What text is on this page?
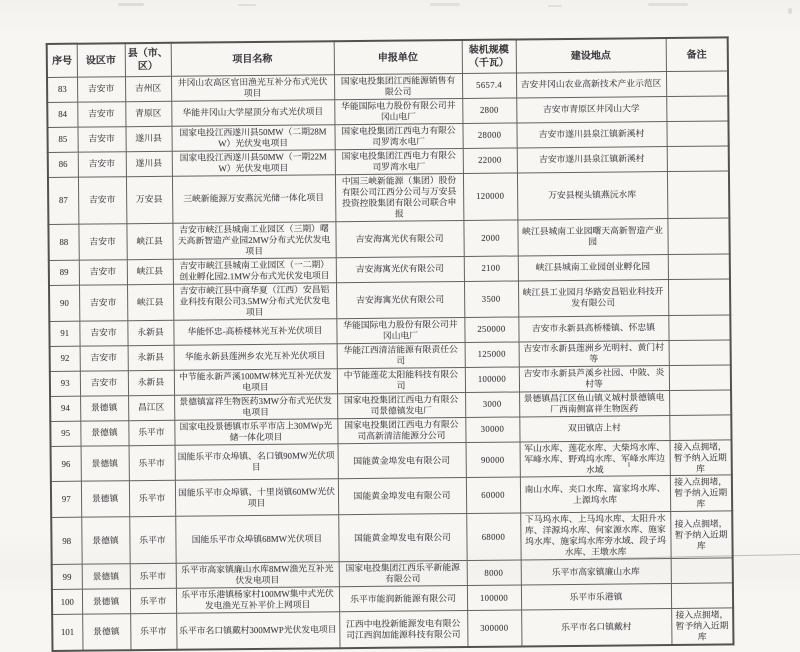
序号	设区市	县（市、区）	项目名称	申报单位	装机规模（千瓦）	建设地点	备注
83	吉安市	吉州区	井冈山农高区官田渔光互补分布式光伏项目	国家电投集团江西能源销售有限公司	5657.4	吉安井冈山农业高新技术产业示范区	
84	吉安市	青原区	华能井冈山大学屋顶分布式光伏项目	华能国际电力股份有限公司井冈山电厂	2800	吉安市青原区井冈山大学	
85	吉安市	遂川县	国家电投江西遂川县50MW（二期28MW）光伏发电项目	国家电投集团江西电力有限公司罗湾水电厂	28000	吉安市遂川县泉江镇新溪村	
86	吉安市	遂川县	国家电投江西遂川县50MW（一期22MW）光伏发电项目	国家电投集团江西电力有限公司罗湾水电厂	22000	吉安市遂川县泉江镇新溪村	
87	吉安市	万安县	三峡新能源万安燕沅光储一体化项目	中国三峡新能源（集团）股份有限公司江西分公司与万安县投资控股集团有限公司联合申报	120000	万安县枧头镇燕沅水库	
88	吉安市	峡江县	吉安市峡江县城南工业园区（三期）曙天高新智造产业园2MW分布式光伏发电项目	吉安海寓光伏有限公司	2000	峡江县城南工业园曙天高新智造产业园	
89	吉安市	峡江县	吉安市峡江县城南工业园区（一二期）创业孵化园2.1MW分布式光伏发电项目	吉安海寓光伏有限公司	2100	峡江县城南工业园创业孵化园	
90	吉安市	峡江县	吉安市峡江县中商华夏（江西）安昌铝业科技有限公司3.5MW分布式光伏发电项目	吉安海寓光伏有限公司	3500	峡江县工业园月华路安昌铝业科技开发有限公司	
91	吉安市	永新县	华能怀忠-高桥楼林光互补光伏项目	华能国际电力股份有限公司井冈山电厂	250000	吉安市永新县高桥楼镇、怀忠镇	
92	吉安市	永新县	华能永新县莲洲乡农光互补光伏项目	华能江西清洁能源有限责任公司	125000	吉安市永新县莲洲乡光明村、黄门村等	
93	吉安市	永新县	中节能永新芦溪100MW林光互补光伏发电项目	中节能莲花太阳能科技有限公司	100000	吉安市永新县芦溪乡社园、中陂、炎村等	
94	景德镇	昌江区	景德镇富祥生物医药3MW分布式光伏发电项目	国家电投集团江西电力有限公司景德镇发电厂	3000	景德镇昌江区鱼山镇义城村景德镇电厂西南侧富祥生物医药	
95	景德镇	乐平市	国家电投景德镇市乐平市店上30MWp光储一体化项目	国家电投集团江西电力有限公司高新清洁能源分公司	30000	双田镇店上村	
96	景德镇	乐平市	国能乐平市众埠镇、名口镇90MW光伏项目	国能黄金埠发电有限公司	90000	军山水库、莲花水库、大柴坞水库、军峰水库、野鸡坞水库、军峰水库边水域	接入点拥堵，暂予纳入近期库
97	景德镇	乐平市	国能乐平市众埠镇、十里岗镇60MW光伏项目	国能黄金埠发电有限公司	60000	南山水库、夹口水库、富家坞水库、上源坞水库	接入点拥堵，暂予纳入近期库
98	景德镇	乐平市	国能乐平市众埠镇68MW光伏项目	国能黄金埠发电有限公司	68000	下马坞水库、上马坞水库、太阳升水库、洋源坞水库、何家源水库、施家坞水库、施家坞水库旁水域、段子坞水库、王墩水库	接入点拥堵，暂予纳入近期库
99	景德镇	乐平市	乐平市高家镇廉山水库8MW渔光互补光伏发电项目	国家电投集团江西乐平新能源有限公司	8000	乐平市高家镇廉山水库	
100	景德镇	乐平市	乐平市乐港镇杨家村100MW集中式光伏发电渔光互补平价上网项目	乐平市能润新能源有限公司	100000	乐平市乐港镇	
101	景德镇	乐平市	乐平市名口镇戴村300MWP光伏发电项目	江西中电投新能源发电有限公司江西润加能源科技有限公司	300000	乐平市名口镇戴村	接入点拥堵，暂予纳入近期库
